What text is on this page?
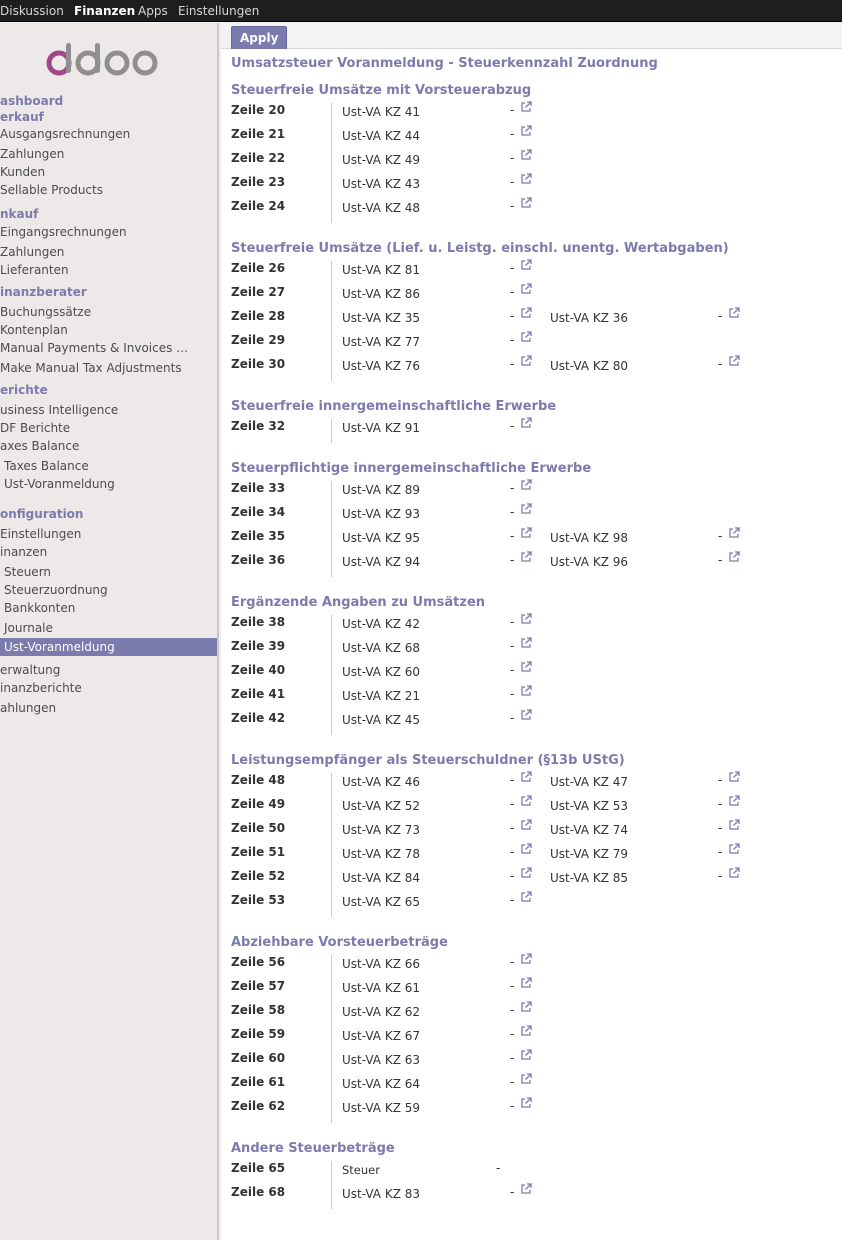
Diskussion Finanzen Apps Einstellungen
ashboard
erkauf
Ausgangsrechnungen
Zahlungen
Kunden
Sellable Products
nkauf
Eingangsrechnungen
Zahlungen
Lieferanten
inanzberater
Buchungssätze
Kontenplan
Manual Payments & Invoices …
Make Manual Tax Adjustments
erichte
usiness Intelligence
DF Berichte
axes Balance
Taxes Balance
Ust-Voranmeldung
onfiguration
Einstellungen
inanzen
Steuern
Steuerzuordnung
Bankkonten
Journale
Ust-Voranmeldung
erwaltung
inanzberichte
ahlungen
Apply
Umsatzsteuer Voranmeldung - Steuerkennzahl Zuordnung
Steuerfreie Umsätze mit Vorsteuerabzug
Zeile 20	Ust-VA KZ 41	-
Zeile 21	Ust-VA KZ 44	-
Zeile 22	Ust-VA KZ 49	-
Zeile 23	Ust-VA KZ 43	-
Zeile 24	Ust-VA KZ 48	-
Steuerfreie Umsätze (Lief. u. Leistg. einschl. unentg. Wertabgaben)
Zeile 26	Ust-VA KZ 81	-
Zeile 27	Ust-VA KZ 86	-
Zeile 28	Ust-VA KZ 35	-	Ust-VA KZ 36	-
Zeile 29	Ust-VA KZ 77	-
Zeile 30	Ust-VA KZ 76	-	Ust-VA KZ 80	-
Steuerfreie innergemeinschaftliche Erwerbe
Zeile 32	Ust-VA KZ 91	-
Steuerpflichtige innergemeinschaftliche Erwerbe
Zeile 33	Ust-VA KZ 89	-
Zeile 34	Ust-VA KZ 93	-
Zeile 35	Ust-VA KZ 95	-	Ust-VA KZ 98	-
Zeile 36	Ust-VA KZ 94	-	Ust-VA KZ 96	-
Ergänzende Angaben zu Umsätzen
Zeile 38	Ust-VA KZ 42	-
Zeile 39	Ust-VA KZ 68	-
Zeile 40	Ust-VA KZ 60	-
Zeile 41	Ust-VA KZ 21	-
Zeile 42	Ust-VA KZ 45	-
Leistungsempfänger als Steuerschuldner (§13b UStG)
Zeile 48	Ust-VA KZ 46	-	Ust-VA KZ 47	-
Zeile 49	Ust-VA KZ 52	-	Ust-VA KZ 53	-
Zeile 50	Ust-VA KZ 73	-	Ust-VA KZ 74	-
Zeile 51	Ust-VA KZ 78	-	Ust-VA KZ 79	-
Zeile 52	Ust-VA KZ 84	-	Ust-VA KZ 85	-
Zeile 53	Ust-VA KZ 65	-
Abziehbare Vorsteuerbeträge
Zeile 56	Ust-VA KZ 66	-
Zeile 57	Ust-VA KZ 61	-
Zeile 58	Ust-VA KZ 62	-
Zeile 59	Ust-VA KZ 67	-
Zeile 60	Ust-VA KZ 63	-
Zeile 61	Ust-VA KZ 64	-
Zeile 62	Ust-VA KZ 59	-
Andere Steuerbeträge
Zeile 65	Steuer	-
Zeile 68	Ust-VA KZ 83	-
